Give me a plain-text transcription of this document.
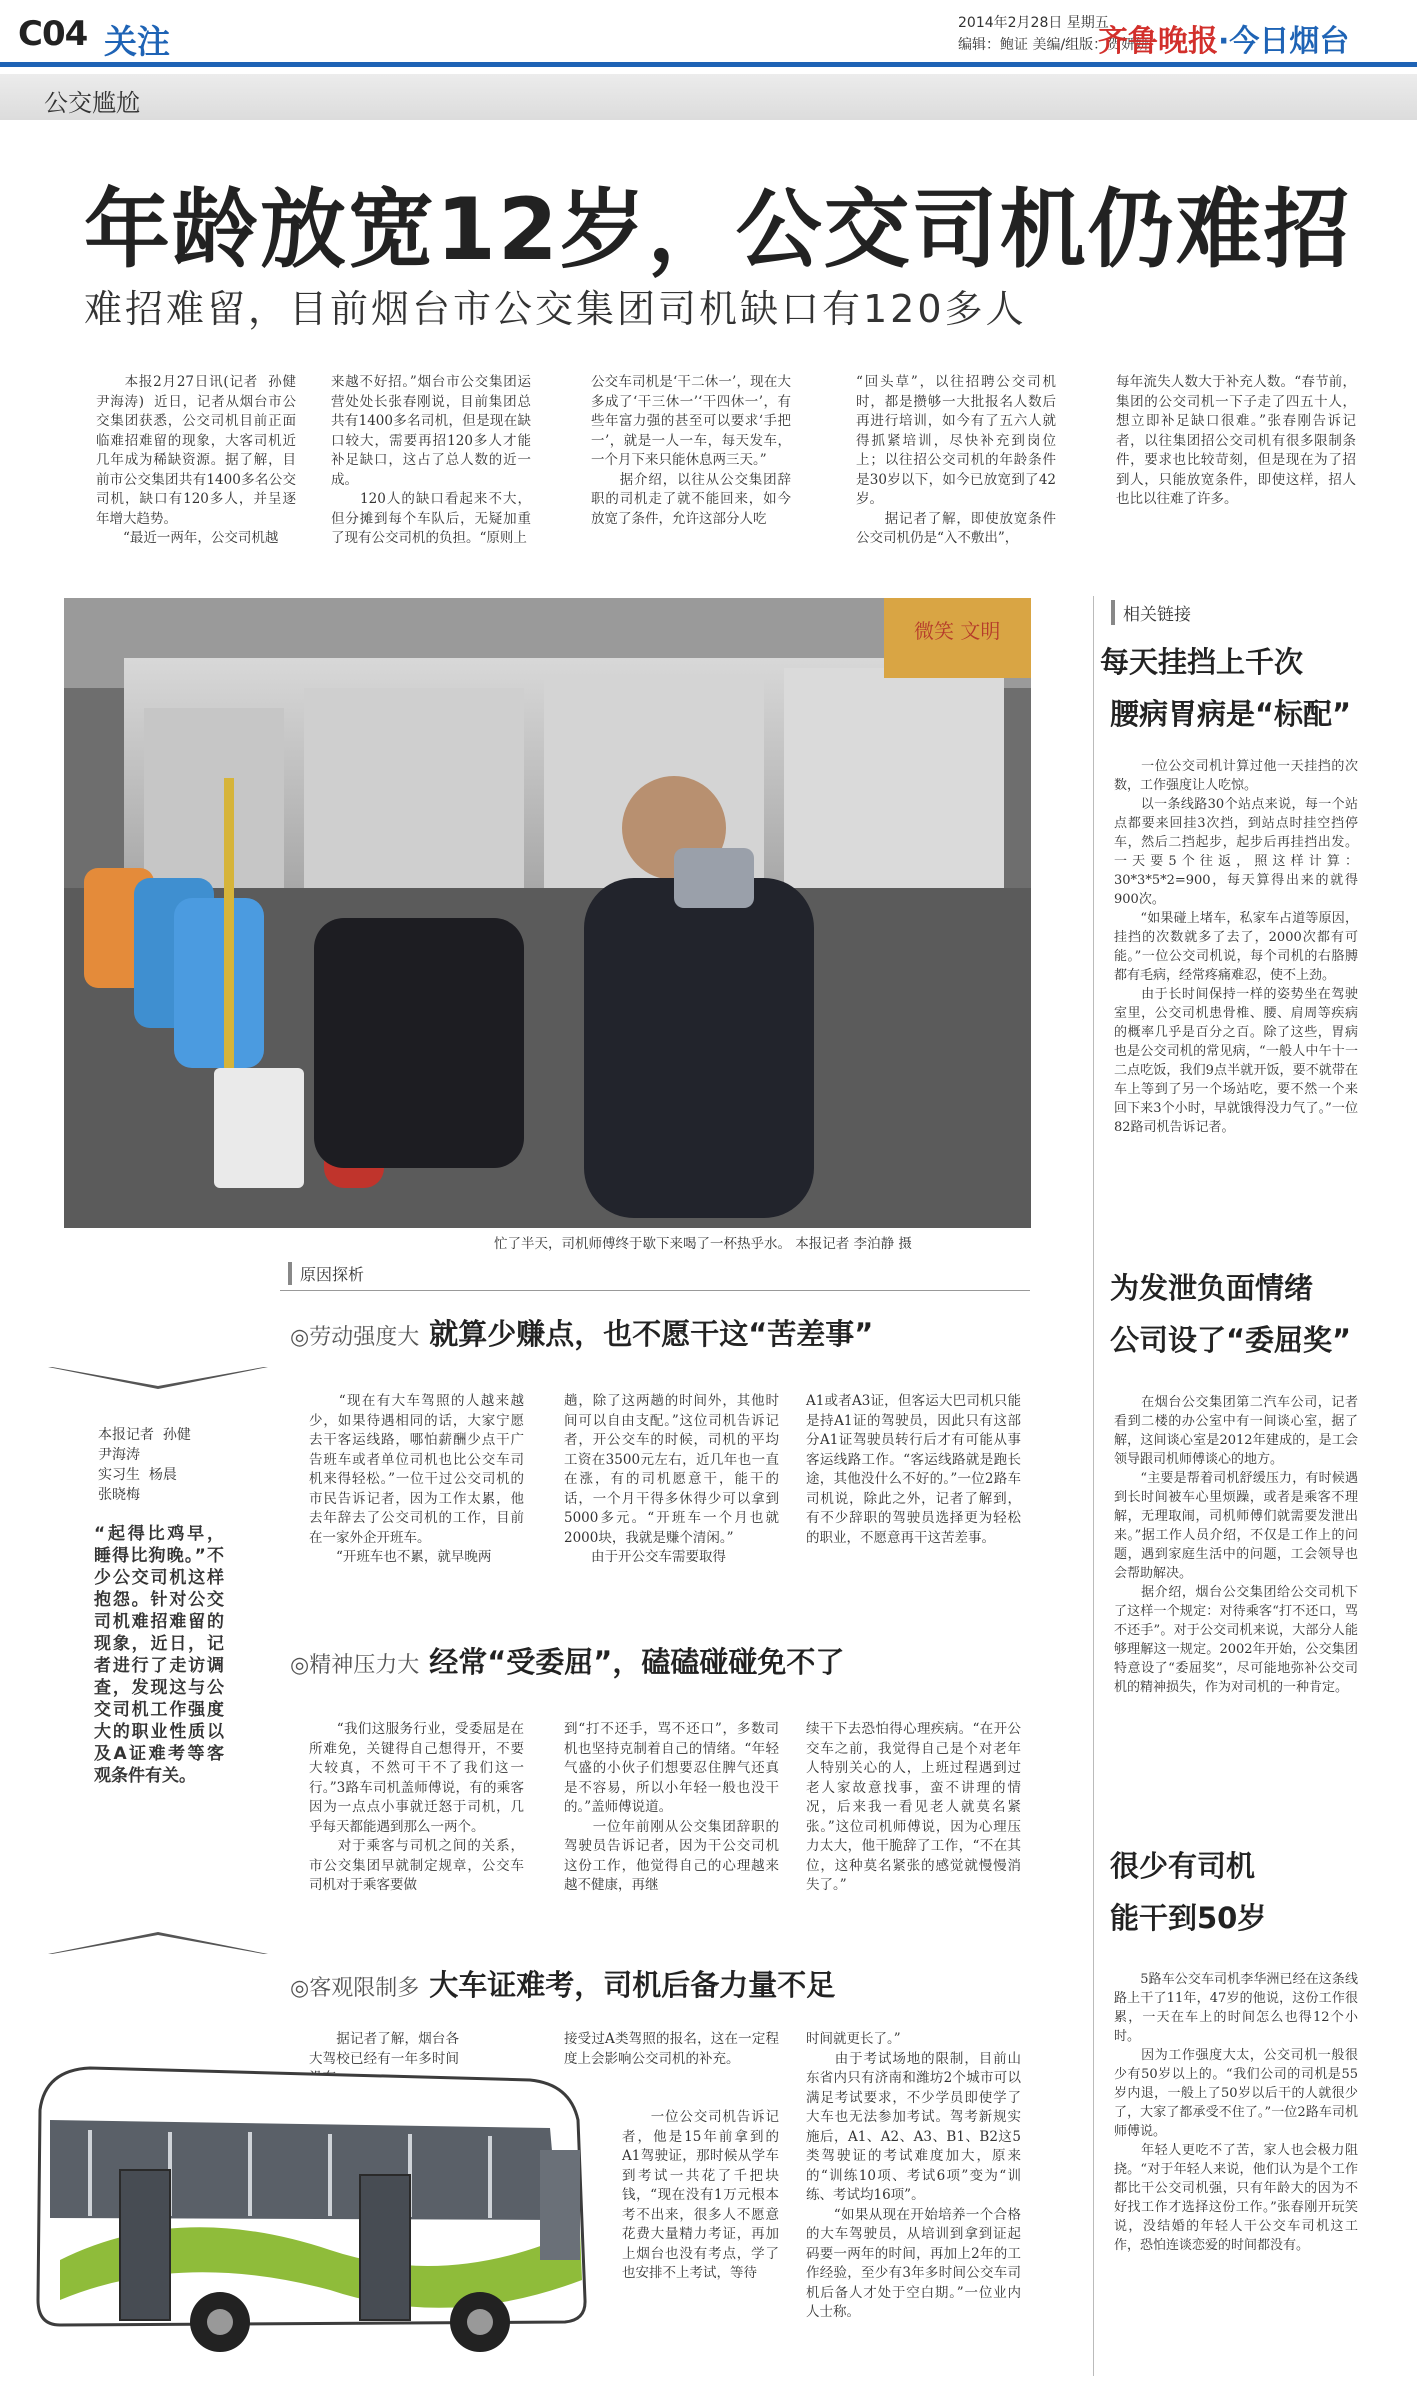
C04 关注	2014年2月28日 星期五
编辑：鲍证 美编/组版：贺妍妍
齐鲁晚报·今日烟台
公交尴尬
年龄放宽12岁，公交司机仍难招
难招难留，目前烟台市公交集团司机缺口有120多人
　　本报2月27日讯(记者  孙健 尹海涛)  近日，记者从烟台市公交集团获悉，公交司机目前正面临难招难留的现象，大客司机近几年成为稀缺资源。据了解，目前市公交集团共有1400多名公交司机，缺口有120多人，并呈逐年增大趋势。
　　“最近一两年，公交司机越
来越不好招。”烟台市公交集团运营处处长张春刚说，目前集团总共有1400多名司机，但是现在缺口较大，需要再招120多人才能补足缺口，这占了总人数的近一成。
　　120人的缺口看起来不大，但分摊到每个车队后，无疑加重了现有公交司机的负担。“原则上
公交车司机是‘干二休一’，现在大多成了‘干三休一’‘干四休一’，有些年富力强的甚至可以要求‘手把一’，就是一人一车，每天发车，一个月下来只能休息两三天。”
　　据介绍，以往从公交集团辞职的司机走了就不能回来，如今放宽了条件，允许这部分人吃
“回头草”，以往招聘公交司机时，都是攒够一大批报名人数后再进行培训，如今有了五六人就得抓紧培训，尽快补充到岗位上；以往招公交司机的年龄条件是30岁以下，如今已放宽到了42岁。
　　据记者了解，即使放宽条件公交司机仍是“入不敷出”，
每年流失人数大于补充人数。“春节前，集团的公交司机一下子走了四五十人，想立即补足缺口很难。”张春刚告诉记者，以往集团招公交司机有很多限制条件，要求也比较苛刻，但是现在为了招到人，只能放宽条件，即使这样，招人也比以往难了许多。
微笑 文明
忙了半天，司机师傅终于歇下来喝了一杯热乎水。 本报记者 李泊静 摄
原因探析
◎劳动强度大 就算少赚点，也不愿干这“苦差事”
　　“现在有大车驾照的人越来越少，如果待遇相同的话，大家宁愿去干客运线路，哪怕薪酬少点干广告班车或者单位司机也比公交车司机来得轻松。”一位干过公交司机的市民告诉记者，因为工作太累，他去年辞去了公交司机的工作，目前在一家外企开班车。
　　“开班车也不累，就早晚两
趟，除了这两趟的时间外，其他时间可以自由支配。”这位司机告诉记者，开公交车的时候，司机的平均工资在3500元左右，近几年也一直在涨，有的司机愿意干，能干的话，一个月干得多休得少可以拿到5000多元。“开班车一个月也就2000块，我就是赚个清闲。”
　　由于开公交车需要取得
A1或者A3证，但客运大巴司机只能是持A1证的驾驶员，因此只有这部分A1证驾驶员转行后才有可能从事客运线路工作。“客运线路就是跑长途，其他没什么不好的。”一位2路车司机说，除此之外，记者了解到，有不少辞职的驾驶员选择更为轻松的职业，不愿意再干这苦差事。
◎精神压力大 经常“受委屈”，磕磕碰碰免不了
　　“我们这服务行业，受委屈是在所难免，关键得自己想得开，不要大较真，不然可干不了我们这一行。”3路车司机盖师傅说，有的乘客因为一点点小事就迁怒于司机，几乎每天都能遇到那么一两个。
　　对于乘客与司机之间的关系，市公交集团早就制定规章，公交车司机对于乘客要做
到“打不还手，骂不还口”，多数司机也坚持克制着自己的情绪。“年轻气盛的小伙子们想要忍住脾气还真是不容易，所以小年轻一般也没干的。”盖师傅说道。
　　一位年前刚从公交集团辞职的驾驶员告诉记者，因为干公交司机这份工作，他觉得自己的心理越来越不健康，再继
续干下去恐怕得心理疾病。“在开公交车之前，我觉得自己是个对老年人特别关心的人，上班过程遇到过老人家故意找事，蛮不讲理的情况，后来我一看见老人就莫名紧张。”这位司机师傅说，因为心理压力太大，他干脆辞了工作，“不在其位，这种莫名紧张的感觉就慢慢消失了。”
◎客观限制多 大车证难考，司机后备力量不足
　　据记者了解，烟台各大驾校已经有一年多时间
接受过A类驾照的报名，这在一定程度上会影响公交司机的补充。
　　一位公交司机告诉记者，他是15年前拿到的A1驾驶证，那时候从学车到考试一共花了千把块钱，“现在没有1万元根本考不出来，很多人不愿意花费大量精力考证，再加上烟台也没有考点，学了也安排不上考试，等待
时间就更长了。”
　　由于考试场地的限制，目前山东省内只有济南和潍坊2个城市可以满足考试要求，不少学员即使学了大车也无法参加考试。驾考新规实施后，A1、A2、A3、B1、B2这5类驾驶证的考试难度加大，原来的“训练10项、考试6项”变为“训练、考试均16项”。
　　“如果从现在开始培养一个合格的大车驾驶员，从培训到拿到证起码要一两年的时间，再加上2年的工作经验，至少有3年多时间公交车司机后备人才处于空白期。”一位业内人士称。
本报记者  孙健
尹海涛
实习生  杨晨
张晓梅
“起得比鸡早，睡得比狗晚。”不少公交司机这样抱怨。针对公交司机难招难留的现象，近日，记者进行了走访调查，发现这与公交司机工作强度大的职业性质以及A证难考等客观条件有关。
相关链接
每天挂挡上千次
腰病胃病是“标配”
　　一位公交司机计算过他一天挂挡的次数，工作强度让人吃惊。
　　以一条线路30个站点来说，每一个站点都要来回挂3次挡，到站点时挂空挡停车，然后二挡起步，起步后再挂挡出发。一天要5个往返，照这样计算：30*3*5*2=900，每天算得出来的就得900次。
　　“如果碰上堵车，私家车占道等原因，挂挡的次数就多了去了，2000次都有可能。”一位公交司机说，每个司机的右胳膊都有毛病，经常疼痛难忍，使不上劲。
　　由于长时间保持一样的姿势坐在驾驶室里，公交司机患骨椎、腰、肩周等疾病的概率几乎是百分之百。除了这些，胃病也是公交司机的常见病，“一般人中午十一二点吃饭，我们9点半就开饭，要不就带在车上等到了另一个场站吃，要不然一个来回下来3个小时，早就饿得没力气了。”一位82路司机告诉记者。
为发泄负面情绪
公司设了“委屈奖”
　　在烟台公交集团第二汽车公司，记者看到二楼的办公室中有一间谈心室，据了解，这间谈心室是2012年建成的，是工会领导跟司机师傅谈心的地方。
　　“主要是帮着司机舒缓压力，有时候遇到长时间被车心里烦躁，或者是乘客不理解，无理取闹，司机师傅们就需要发泄出来。”据工作人员介绍，不仅是工作上的问题，遇到家庭生活中的问题，工会领导也会帮助解决。
　　据介绍，烟台公交集团给公交司机下了这样一个规定：对待乘客“打不还口，骂不还手”。对于公交司机来说，大部分人能够理解这一规定。2002年开始，公交集团特意设了“委屈奖”，尽可能地弥补公交司机的精神损失，作为对司机的一种肯定。
很少有司机
能干到50岁
　　5路车公交车司机李华洲已经在这条线路上干了11年，47岁的他说，这份工作很累，一天在车上的时间怎么也得12个小时。
　　因为工作强度大太，公交司机一般很少有50岁以上的。“我们公司的司机是55岁内退，一般上了50岁以后干的人就很少了，大家了都承受不住了。”一位2路车司机师傅说。
　　年轻人更吃不了苦，家人也会极力阻挠。“对于年轻人来说，他们认为是个工作都比干公交司机强，只有年龄大的因为不好找工作才选择这份工作。”张春刚开玩笑说，没结婚的年轻人干公交车司机这工作，恐怕连谈恋爱的时间都没有。
